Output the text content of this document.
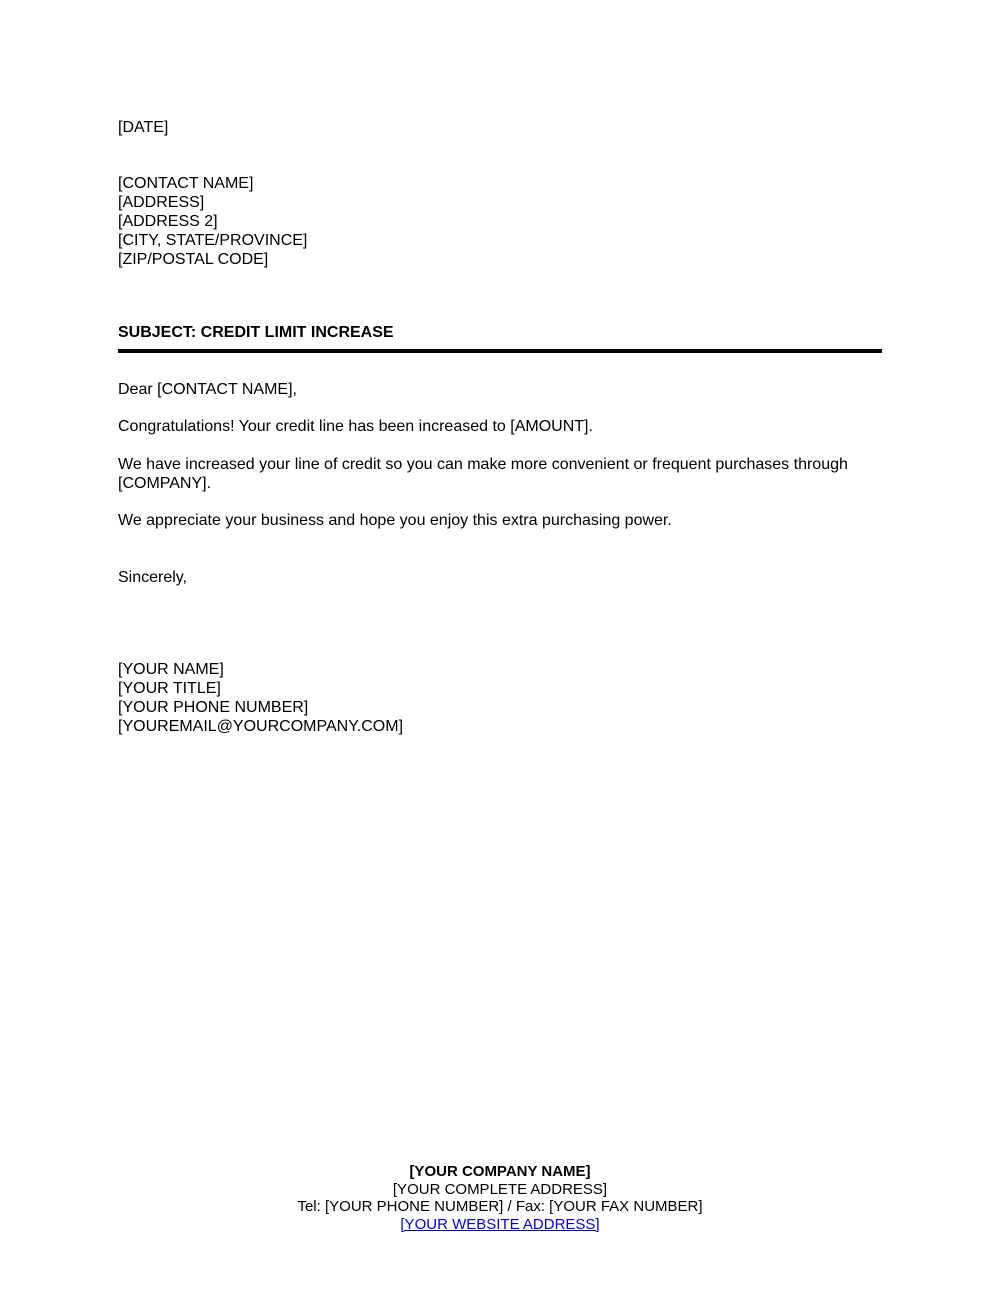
[DATE]
[CONTACT NAME]
[ADDRESS]
[ADDRESS 2]
[CITY, STATE/PROVINCE]
[ZIP/POSTAL CODE]
SUBJECT: CREDIT LIMIT INCREASE
Dear [CONTACT NAME],
Congratulations! Your credit line has been increased to [AMOUNT].
We have increased your line of credit so you can make more convenient or frequent purchases through [COMPANY].
We appreciate your business and hope you enjoy this extra purchasing power.
Sincerely,
[YOUR NAME]
[YOUR TITLE]
[YOUR PHONE NUMBER]
[YOUREMAIL@YOURCOMPANY.COM]
[YOUR COMPANY NAME]
[YOUR COMPLETE ADDRESS]
Tel: [YOUR PHONE NUMBER] / Fax: [YOUR FAX NUMBER]
[YOUR WEBSITE ADDRESS]
